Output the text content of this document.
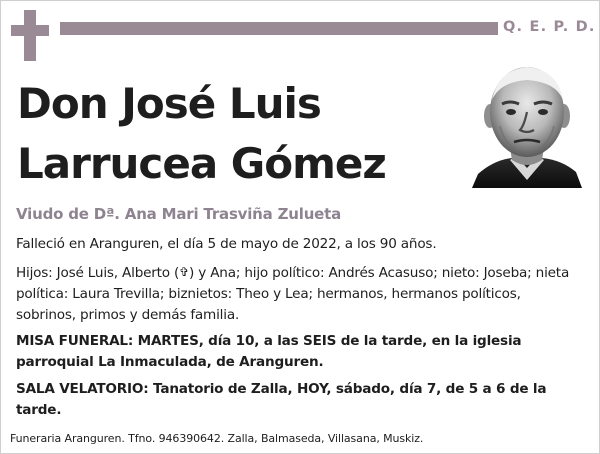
Q. E. P. D.
Don José Luis
Larrucea Gómez
Viudo de Dª. Ana Mari Trasviña Zulueta
Falleció en Aranguren, el día 5 de mayo de 2022, a los 90 años.
Hijos: José Luis, Alberto (✞) y Ana; hijo político: Andrés Acasuso; nieto: Joseba; nieta política: Laura Trevilla; biznietos: Theo y Lea; hermanos, hermanos políticos, sobrinos, primos y demás familia.
MISA FUNERAL: MARTES, día 10, a las SEIS de la tarde, en la iglesia parroquial La Inmaculada, de Aranguren.
SALA VELATORIO: Tanatorio de Zalla, HOY, sábado, día 7, de 5 a 6 de la tarde.
Funeraria Aranguren. Tfno. 946390642. Zalla, Balmaseda, Villasana, Muskiz.
